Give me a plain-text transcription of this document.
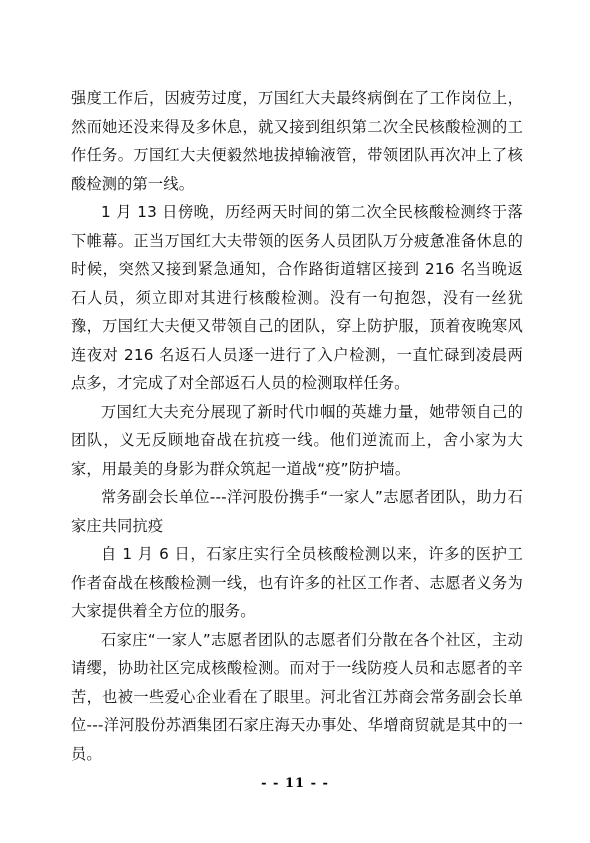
强度工作后，因疲劳过度，万国红大夫最终病倒在了工作岗位上，然而她还没来得及多休息，就又接到组织第二次全民核酸检测的工作任务。万国红大夫便毅然地拔掉输液管，带领团队再次冲上了核酸检测的第一线。

1 月 13 日傍晚，历经两天时间的第二次全民核酸检测终于落下帷幕。正当万国红大夫带领的医务人员团队万分疲惫准备休息的时候，突然又接到紧急通知，合作路街道辖区接到 216 名当晚返石人员，须立即对其进行核酸检测。没有一句抱怨，没有一丝犹豫，万国红大夫便又带领自己的团队，穿上防护服，顶着夜晚寒风连夜对 216 名返石人员逐一进行了入户检测，一直忙碌到凌晨两点多，才完成了对全部返石人员的检测取样任务。

万国红大夫充分展现了新时代巾帼的英雄力量，她带领自己的团队，义无反顾地奋战在抗疫一线。他们逆流而上，舍小家为大家，用最美的身影为群众筑起一道战“疫”防护墙。

常务副会长单位---洋河股份携手“一家人”志愿者团队，助力石家庄共同抗疫

自 1 月 6 日，石家庄实行全员核酸检测以来，许多的医护工作者奋战在核酸检测一线，也有许多的社区工作者、志愿者义务为大家提供着全方位的服务。

石家庄“一家人”志愿者团队的志愿者们分散在各个社区，主动请缨，协助社区完成核酸检测。而对于一线防疫人员和志愿者的辛苦，也被一些爱心企业看在了眼里。河北省江苏商会常务副会长单位---洋河股份苏酒集团石家庄海天办事处、华增商贸就是其中的一员。

- - 11 - -
